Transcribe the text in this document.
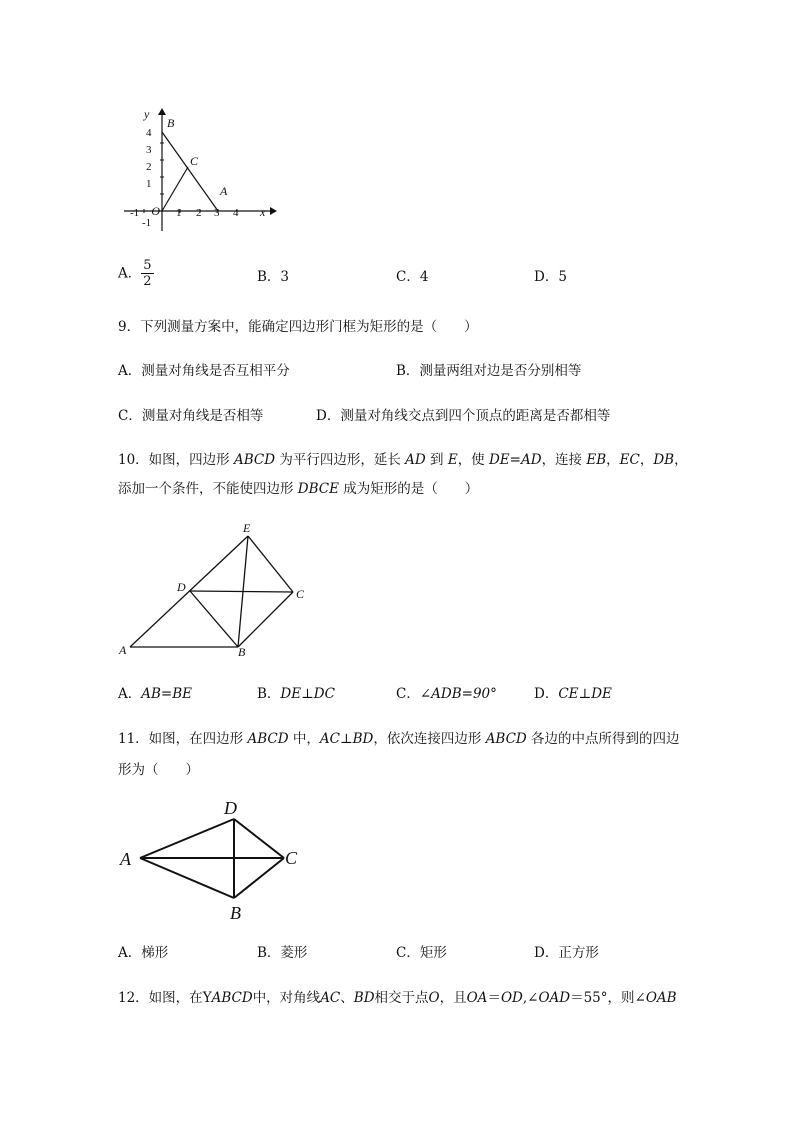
y
x
O
B
C
A
4
3
2
1
-1
-1	1 2 3 4
A． $\frac{5}{2}$	B．3	C．4	D．5
9．下列测量方案中，能确定四边形门框为矩形的是（　　）
A．测量对角线是否互相平分	B．测量两组对边是否分别相等
C．测量对角线是否相等	D．测量对角线交点到四个顶点的距离是否都相等
10．如图，四边形 ABCD 为平行四边形，延长 AD 到 E，使 DE=AD，连接 EB，EC，DB，
添加一个条件，不能使四边形 DBCE 成为矩形的是（　　）
E
D	C
A	B
A．AB=BE	B．DE⊥DC	C．∠ADB=90°	D．CE⊥DE
11．如图，在四边形 ABCD 中，AC⊥BD，依次连接四边形 ABCD 各边的中点所得到的四边
形为（　　）
D
A	C
B
A．梯形	B．菱形	C．矩形	D．正方形
12．如图，在YABCD中，对角线AC、BD相交于点O，且OA＝OD,∠OAD＝55°，则∠OAB
